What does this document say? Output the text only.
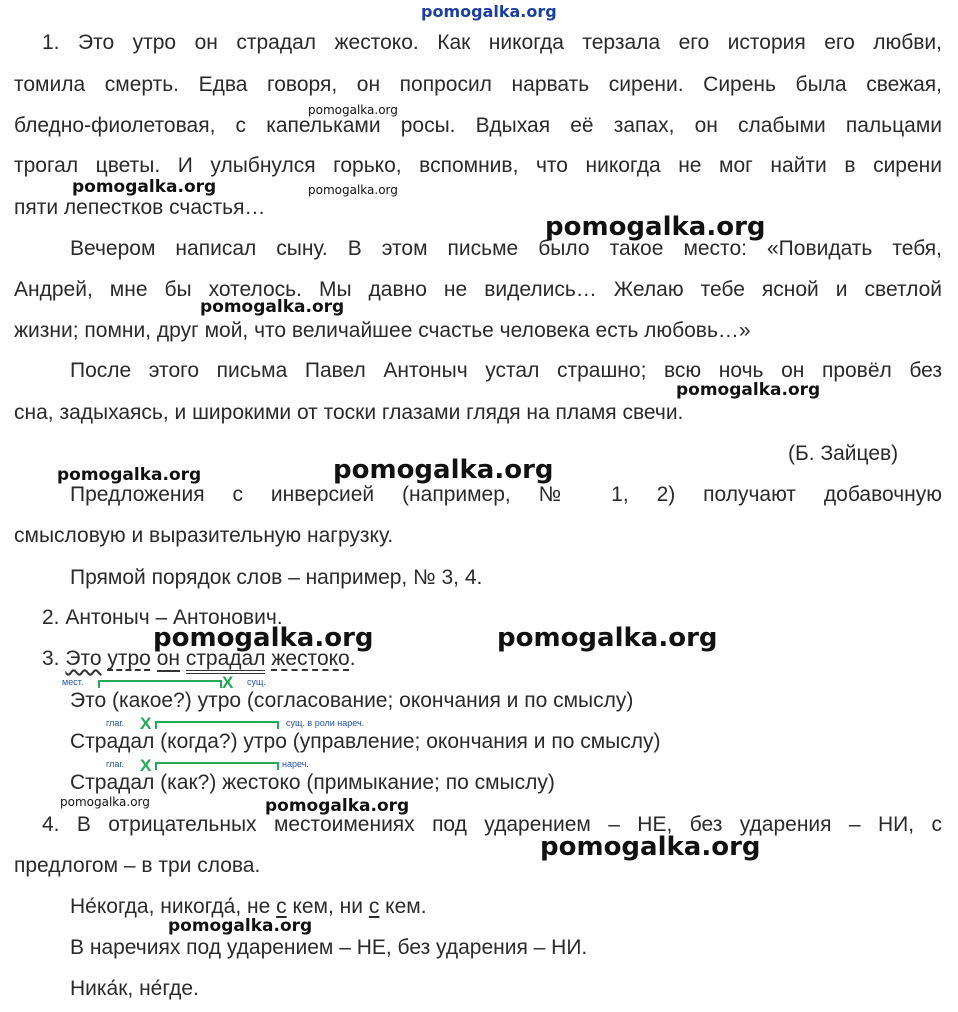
pomogalka.org
1. Это утро он страдал жестоко. Как никогда терзала его история его любви,
томила смерть. Едва говоря, он попросил нарвать сирени. Сирень была свежая,
бледно-фиолетовая, с капельками росы. Вдыхая её запах, он слабыми пальцами
трогал цветы. И улыбнулся горько, вспомнив, что никогда не мог найти в сирени
пяти лепестков счастья…
Вечером написал сыну. В этом письме было такое место: «Повидать тебя,
Андрей, мне бы хотелось. Мы давно не виделись… Желаю тебе ясной и светлой
жизни; помни, друг мой, что величайшее счастье человека есть любовь…»
После этого письма Павел Антоныч устал страшно; всю ночь он провёл без
сна, задыхаясь, и широкими от тоски глазами глядя на пламя свечи.
(Б. Зайцев)
Предложения с инверсией (например, № 1, 2) получают добавочную
смысловую и выразительную нагрузку.
Прямой порядок слов – например, № 3, 4.
2. Антоныч – Антонович.
3. Это утро он страдал жестоко.
мест.	X сущ.
Это (какое?) утро (согласование; окончания и по смыслу)
глаг. X	сущ. в роли нареч.
Страдал (когда?) утро (управление; окончания и по смыслу)
глаг. X	нареч.
Страдал (как?) жестоко (примыкание; по смыслу)
4. В отрицательных местоимениях под ударением – НЕ, без ударения – НИ, с
предлогом – в три слова.
Не́когда, никогда́, не с кем, ни с кем.
В наречиях под ударением – НЕ, без ударения – НИ.
Ника́к, не́где.
pomogalka.org
pomogalka.org	pomogalka.org
pomogalka.org
pomogalka.org
pomogalka.org
pomogalka.org	pomogalka.org
pomogalka.org	pomogalka.org
pomogalka.org	pomogalka.org
pomogalka.org
pomogalka.org
